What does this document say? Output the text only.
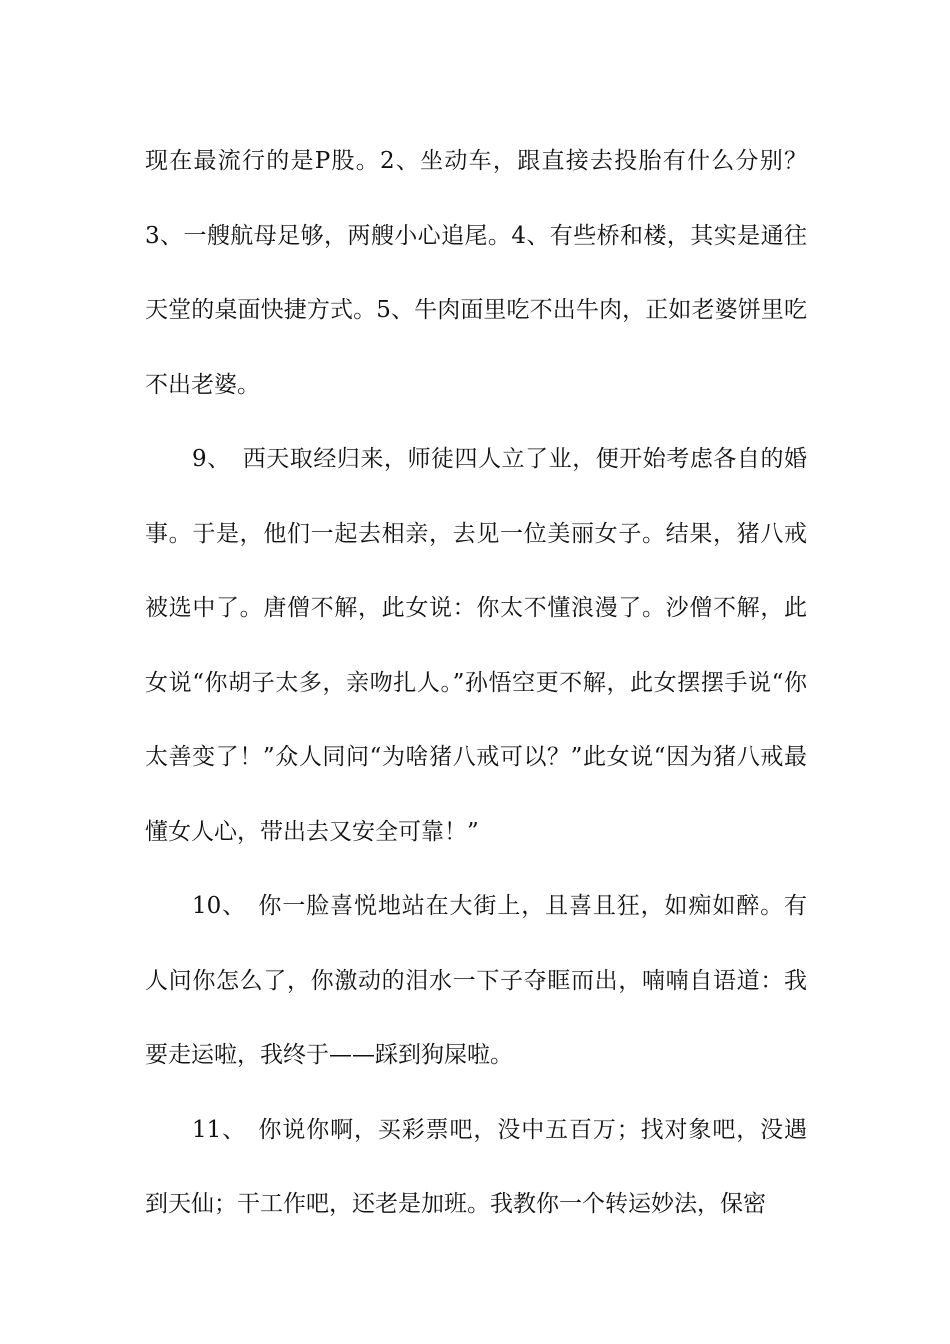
现在最流行的是P股。2、坐动车，跟直接去投胎有什么分别？3、一艘航母足够，两艘小心追尾。4、有些桥和楼，其实是通往天堂的桌面快捷方式。5、牛肉面里吃不出牛肉，正如老婆饼里吃不出老婆。

9、　西天取经归来，师徒四人立了业，便开始考虑各自的婚事。于是，他们一起去相亲，去见一位美丽女子。结果，猪八戒被选中了。唐僧不解，此女说：你太不懂浪漫了。沙僧不解，此女说“你胡子太多，亲吻扎人。”孙悟空更不解，此女摆摆手说“你太善变了！”众人同问“为啥猪八戒可以？”此女说“因为猪八戒最懂女人心，带出去又安全可靠！”

10、　你一脸喜悦地站在大街上，且喜且狂，如痴如醉。有人问你怎么了，你激动的泪水一下子夺眶而出，喃喃自语道：我要走运啦，我终于——踩到狗屎啦。

11、　你说你啊，买彩票吧，没中五百万；找对象吧，没遇到天仙；干工作吧，还老是加班。我教你一个转运妙法，保密
